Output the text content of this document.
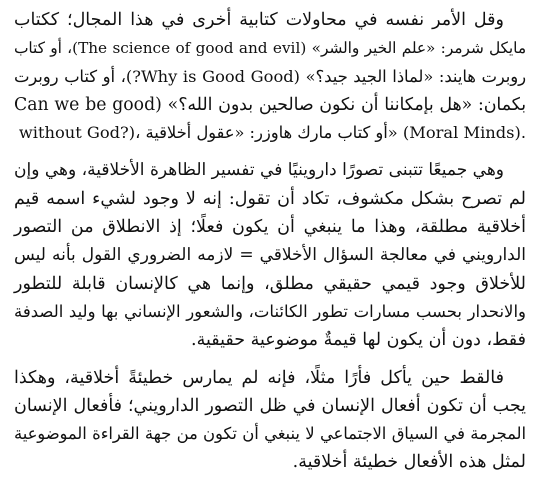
وقل الأمر نفسه في محاولات كتابية أخرى في هذا المجال؛ ككتاب
مايكل شرمر: «علم الخير والشر» (The science of good and evil)، أو كتاب
روبرت هايند: «لماذا الجيد جيد؟» (Why is Good Good?)، أو كتاب روبرت
بكمان: «هل بإمكاننا أن نكون صالحين بدون الله؟» (Can we be good
without God?)، أو كتاب مارك هاوزر: «عقول أخلاقية» (Moral Minds).
وهي جميعًا تتبنى تصورًا داروينيًا في تفسير الظاهرة الأخلاقية، وهي وإن
لم تصرح بشكل مكشوف، تكاد أن تقول: إنه لا وجود لشيء اسمه قيم
أخلاقية مطلقة، وهذا ما ينبغي أن يكون فعلًا؛ إذ الانطلاق من التصور
الدارويني في معالجة السؤال الأخلاقي = لازمه الضروري القول بأنه ليس
للأخلاق وجود قيمي حقيقي مطلق، وإنما هي كالإنسان قابلة للتطور
والانحدار بحسب مسارات تطور الكائنات، والشعور الإنساني بها وليد الصدفة
فقط، دون أن يكون لها قيمةٌ موضوعية حقيقية.
فالقط حين يأكل فأرًا مثلًا، فإنه لم يمارس خطيئةً أخلاقية، وهكذا
يجب أن تكون أفعال الإنسان في ظل التصور الدارويني؛ فأفعال الإنسان
المجرمة في السياق الاجتماعي لا ينبغي أن تكون من جهة القراءة الموضوعية
لمثل هذه الأفعال خطيئة أخلاقية.
